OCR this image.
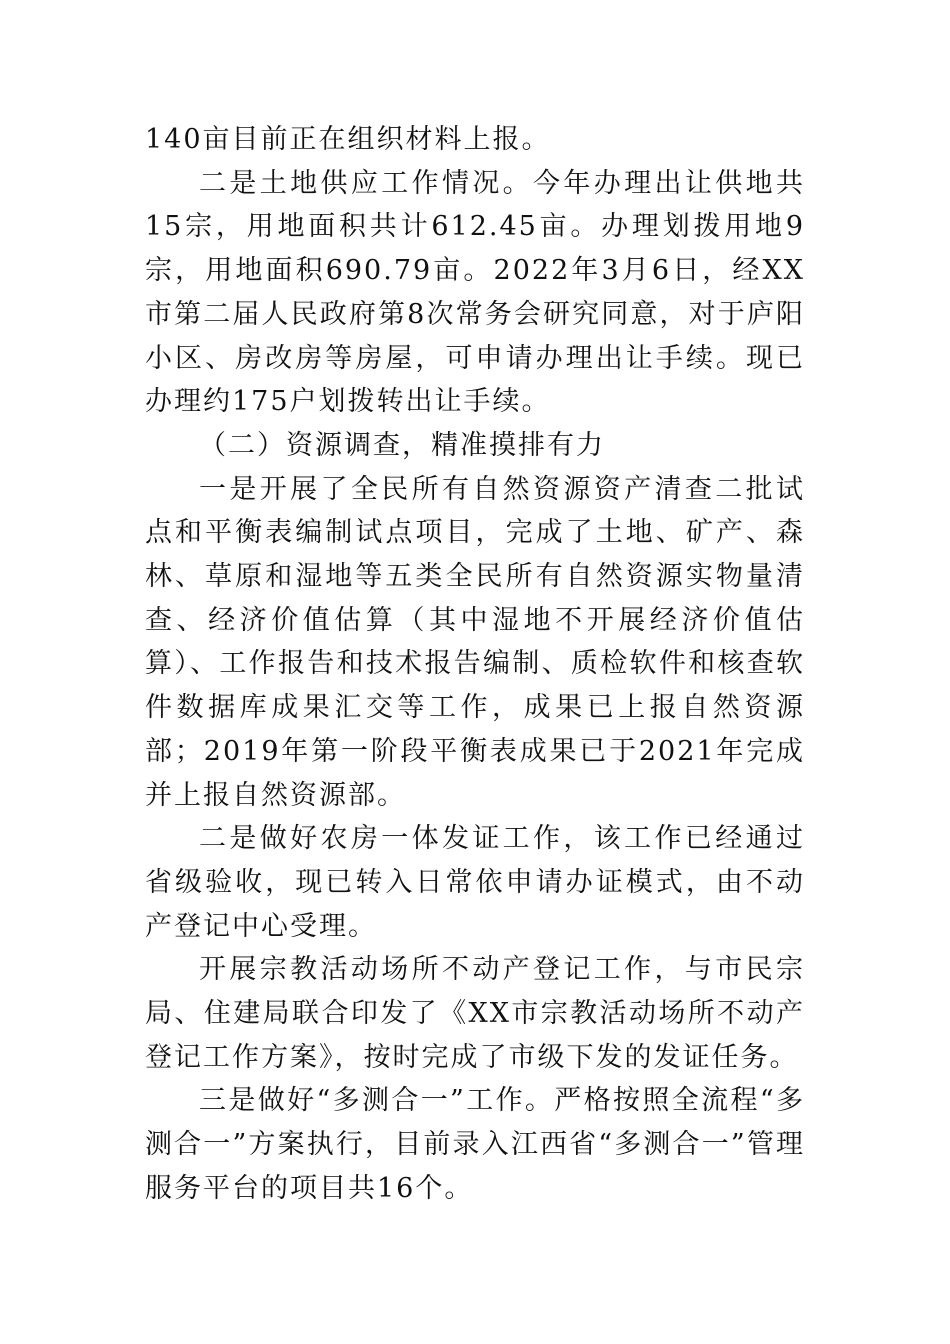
140亩目前正在组织材料上报。

二是土地供应工作情况。今年办理出让供地共15宗，用地面积共计612.45亩。办理划拨用地9宗，用地面积690.79亩。2022年3月6日，经XX市第二届人民政府第8次常务会研究同意，对于庐阳小区、房改房等房屋，可申请办理出让手续。现已办理约175户划拨转出让手续。

（二）资源调查，精准摸排有力

一是开展了全民所有自然资源资产清查二批试点和平衡表编制试点项目，完成了土地、矿产、森林、草原和湿地等五类全民所有自然资源实物量清查、经济价值估算（其中湿地不开展经济价值估算）、工作报告和技术报告编制、质检软件和核查软件数据库成果汇交等工作，成果已上报自然资源部；2019年第一阶段平衡表成果已于2021年完成并上报自然资源部。

二是做好农房一体发证工作，该工作已经通过省级验收，现已转入日常依申请办证模式，由不动产登记中心受理。

开展宗教活动场所不动产登记工作，与市民宗局、住建局联合印发了《XX市宗教活动场所不动产登记工作方案》，按时完成了市级下发的发证任务。

三是做好“多测合一”工作。严格按照全流程“多测合一”方案执行，目前录入江西省“多测合一”管理服务平台的项目共16个。
